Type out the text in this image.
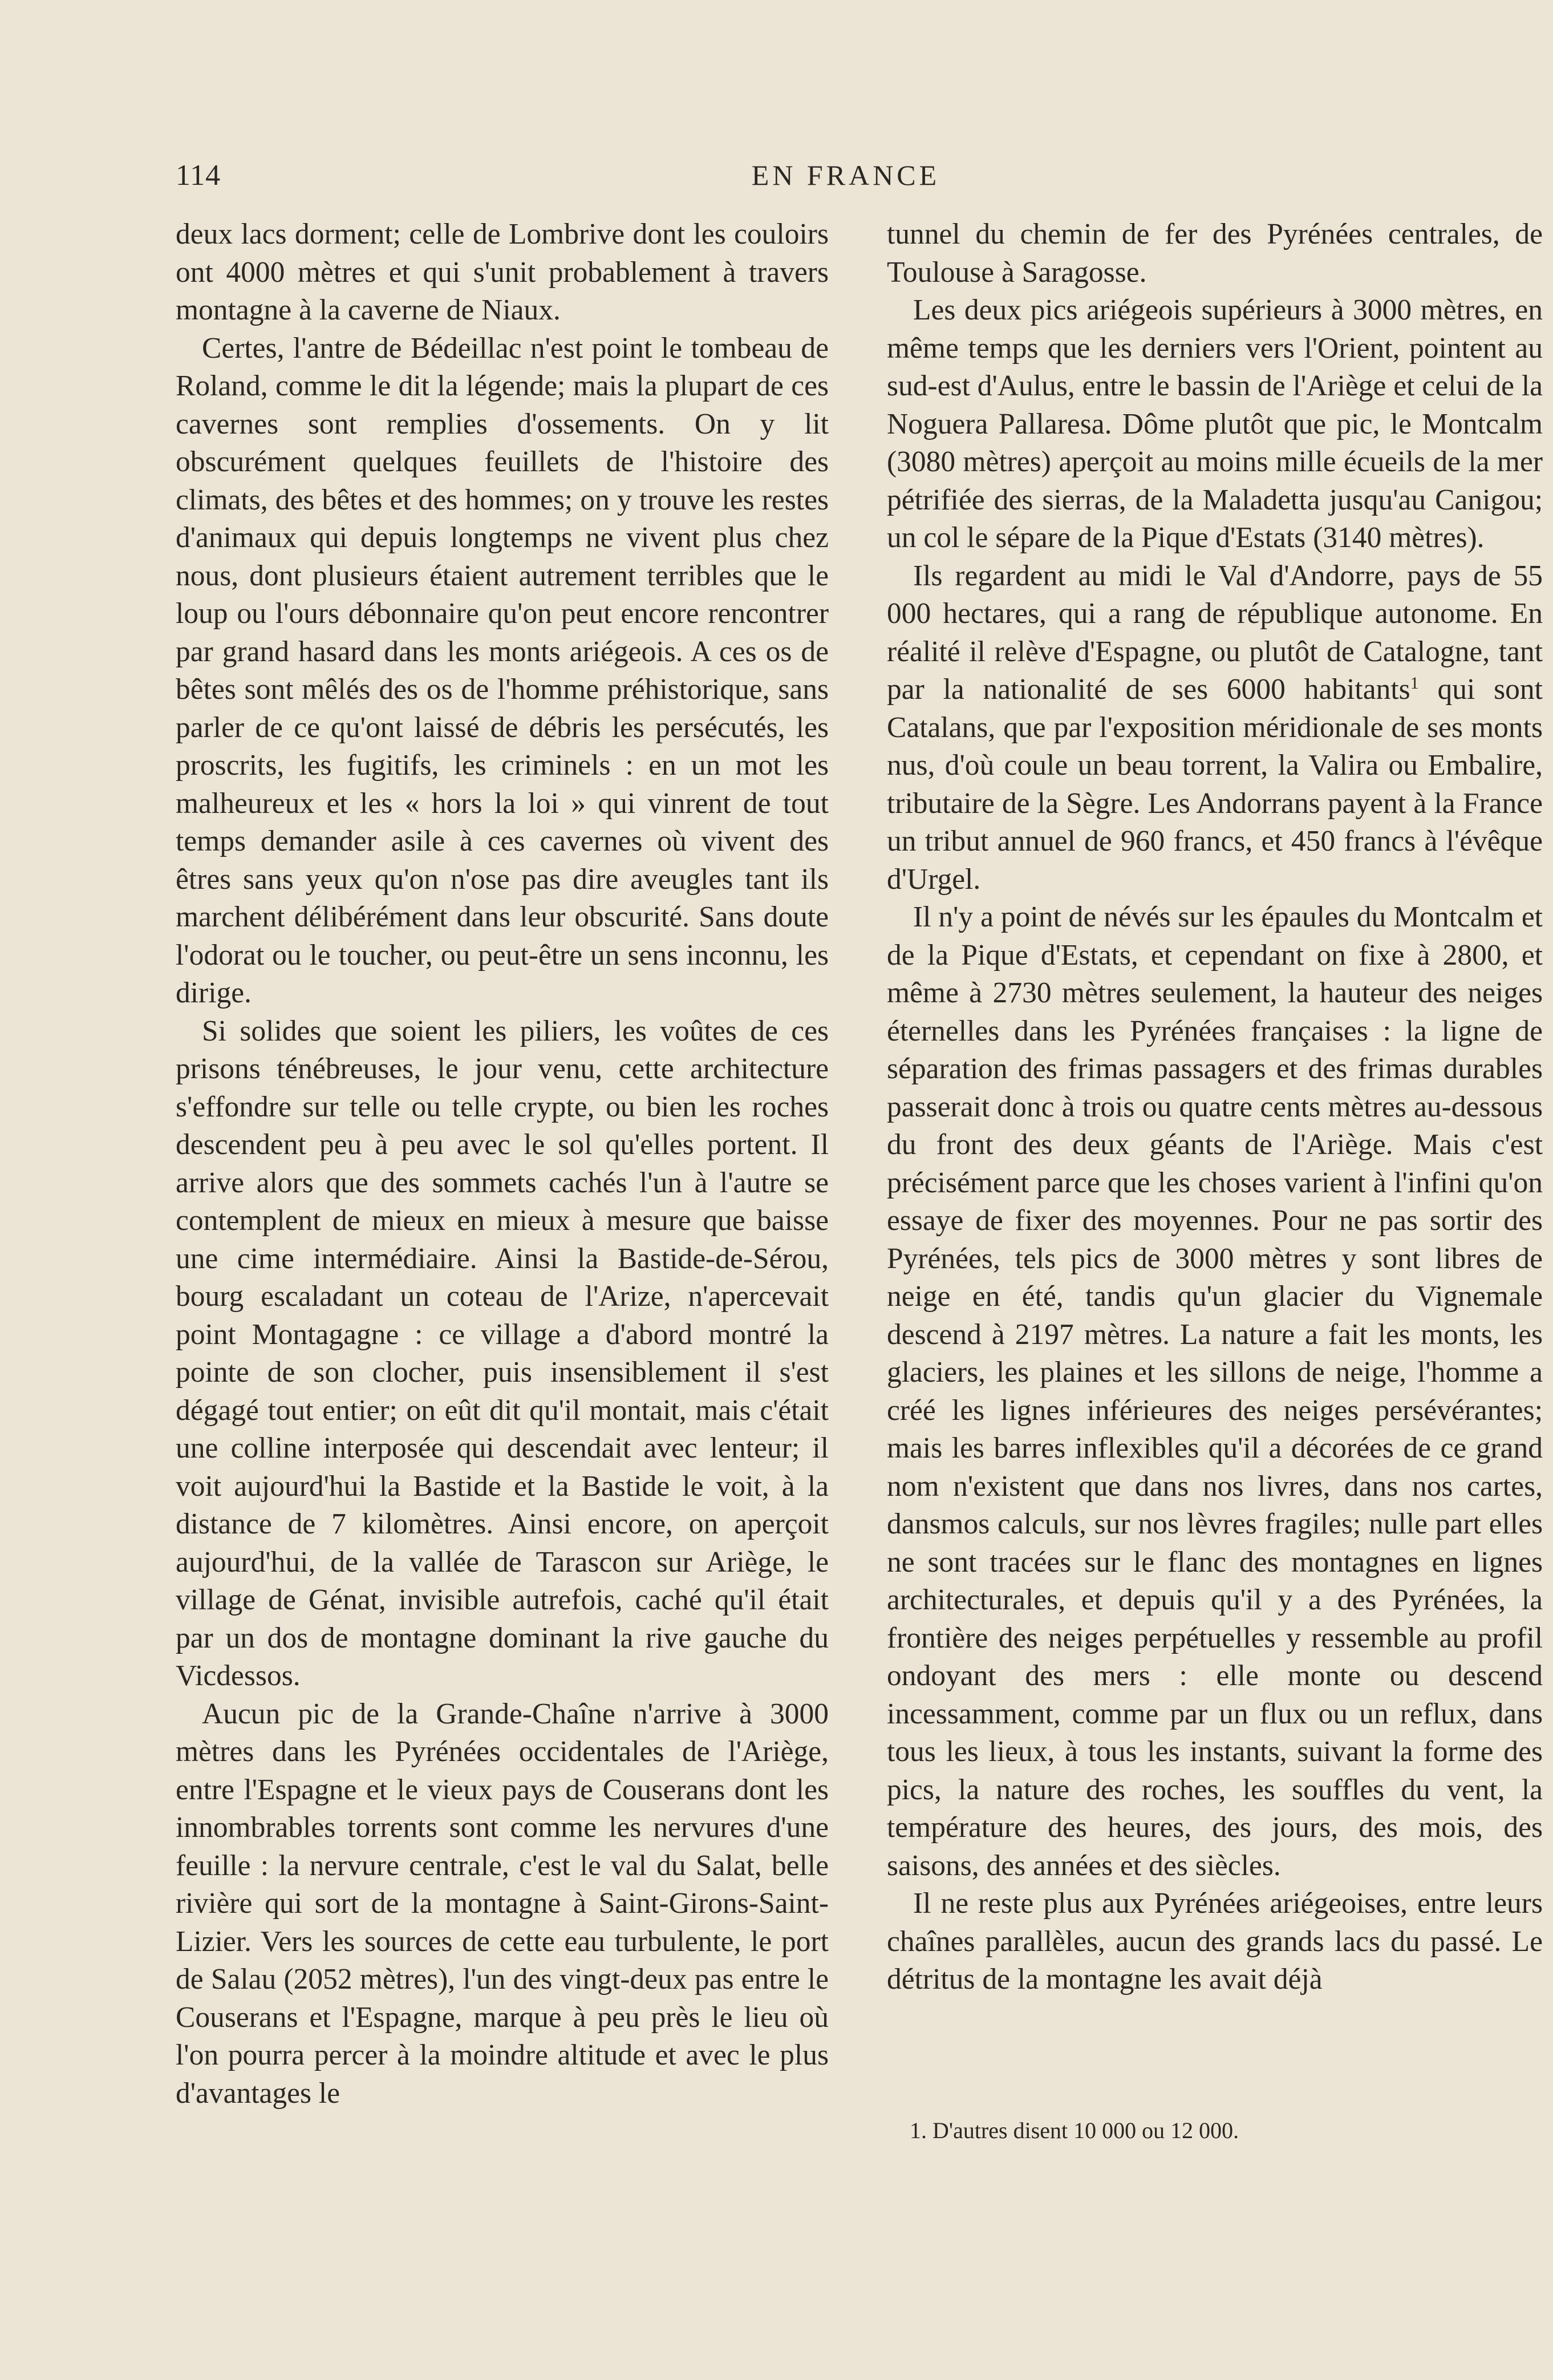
114	EN FRANCE

deux lacs dorment; celle de Lombrive dont les couloirs ont 4000 mètres et qui s'unit probablement à travers montagne à la caverne de Niaux.

Certes, l'antre de Bédeillac n'est point le tombeau de Roland, comme le dit la légende; mais la plupart de ces cavernes sont remplies d'ossements. On y lit obscurément quelques feuillets de l'histoire des climats, des bêtes et des hommes; on y trouve les restes d'animaux qui depuis longtemps ne vivent plus chez nous, dont plusieurs étaient autrement terribles que le loup ou l'ours débonnaire qu'on peut encore rencontrer par grand hasard dans les monts ariégeois. A ces os de bêtes sont mêlés des os de l'homme préhistorique, sans parler de ce qu'ont laissé de débris les persécutés, les proscrits, les fugitifs, les criminels : en un mot les malheureux et les « hors la loi » qui vinrent de tout temps demander asile à ces cavernes où vivent des êtres sans yeux qu'on n'ose pas dire aveugles tant ils marchent délibérément dans leur obscurité. Sans doute l'odorat ou le toucher, ou peut-être un sens inconnu, les dirige.

Si solides que soient les piliers, les voûtes de ces prisons ténébreuses, le jour venu, cette architecture s'effondre sur telle ou telle crypte, ou bien les roches descendent peu à peu avec le sol qu'elles portent. Il arrive alors que des sommets cachés l'un à l'autre se contemplent de mieux en mieux à mesure que baisse une cime intermédiaire. Ainsi la Bastide-de-Sérou, bourg escaladant un coteau de l'Arize, n'apercevait point Montagagne : ce village a d'abord montré la pointe de son clocher, puis insensiblement il s'est dégagé tout entier; on eût dit qu'il montait, mais c'était une colline interposée qui descendait avec lenteur; il voit aujourd'hui la Bastide et la Bastide le voit, à la distance de 7 kilomètres. Ainsi encore, on aperçoit aujourd'hui, de la vallée de Tarascon sur Ariège, le village de Génat, invisible autrefois, caché qu'il était par un dos de montagne dominant la rive gauche du Vicdessos.

Aucun pic de la Grande-Chaîne n'arrive à 3000 mètres dans les Pyrénées occidentales de l'Ariège, entre l'Espagne et le vieux pays de Couserans dont les innombrables torrents sont comme les nervures d'une feuille : la nervure centrale, c'est le val du Salat, belle rivière qui sort de la montagne à Saint-Girons-Saint-Lizier. Vers les sources de cette eau turbulente, le port de Salau (2052 mètres), l'un des vingt-deux pas entre le Couserans et l'Espagne, marque à peu près le lieu où l'on pourra percer à la moindre altitude et avec le plus d'avantages le

tunnel du chemin de fer des Pyrénées centrales, de Toulouse à Saragosse.

Les deux pics ariégeois supérieurs à 3000 mètres, en même temps que les derniers vers l'Orient, pointent au sud-est d'Aulus, entre le bassin de l'Ariège et celui de la Noguera Pallaresa. Dôme plutôt que pic, le Montcalm (3080 mètres) aperçoit au moins mille écueils de la mer pétrifiée des sierras, de la Maladetta jusqu'au Canigou; un col le sépare de la Pique d'Estats (3140 mètres).

Ils regardent au midi le Val d'Andorre, pays de 55 000 hectares, qui a rang de république autonome. En réalité il relève d'Espagne, ou plutôt de Catalogne, tant par la nationalité de ses 6000 habitants$^1$ qui sont Catalans, que par l'exposition méridionale de ses monts nus, d'où coule un beau torrent, la Valira ou Embalire, tributaire de la Sègre. Les Andorrans payent à la France un tribut annuel de 960 francs, et 450 francs à l'évêque d'Urgel.

Il n'y a point de névés sur les épaules du Montcalm et de la Pique d'Estats, et cependant on fixe à 2800, et même à 2730 mètres seulement, la hauteur des neiges éternelles dans les Pyrénées françaises : la ligne de séparation des frimas passagers et des frimas durables passerait donc à trois ou quatre cents mètres au-dessous du front des deux géants de l'Ariège. Mais c'est précisément parce que les choses varient à l'infini qu'on essaye de fixer des moyennes. Pour ne pas sortir des Pyrénées, tels pics de 3000 mètres y sont libres de neige en été, tandis qu'un glacier du Vignemale descend à 2197 mètres. La nature a fait les monts, les glaciers, les plaines et les sillons de neige, l'homme a créé les lignes inférieures des neiges persévérantes; mais les barres inflexibles qu'il a décorées de ce grand nom n'existent que dans nos livres, dans nos cartes, dansmos calculs, sur nos lèvres fragiles; nulle part elles ne sont tracées sur le flanc des montagnes en lignes architecturales, et depuis qu'il y a des Pyrénées, la frontière des neiges perpétuelles y ressemble au profil ondoyant des mers : elle monte ou descend incessamment, comme par un flux ou un reflux, dans tous les lieux, à tous les instants, suivant la forme des pics, la nature des roches, les souffles du vent, la température des heures, des jours, des mois, des saisons, des années et des siècles.

Il ne reste plus aux Pyrénées ariégeoises, entre leurs chaînes parallèles, aucun des grands lacs du passé. Le détritus de la montagne les avait déjà

1. D'autres disent 10 000 ou 12 000.
